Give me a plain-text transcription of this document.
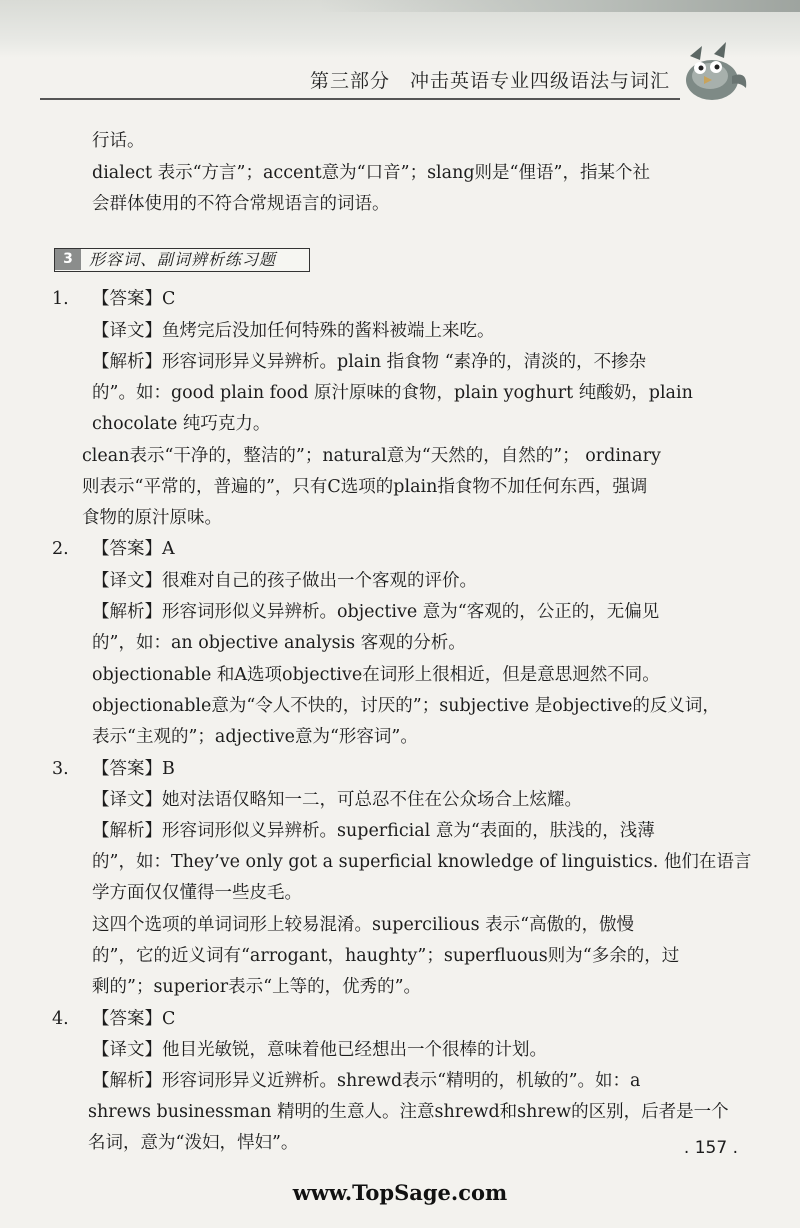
第三部分　冲击英语专业四级语法与词汇
行话。
dialect 表示“方言”；accent意为“口音”；slang则是“俚语”，指某个社
会群体使用的不符合常规语言的词语。
3	形容词、副词辨析练习题
1. 【答案】C
【译文】鱼烤完后没加任何特殊的酱料被端上来吃。
【解析】形容词形异义异辨析。plain 指食物 “素净的，清淡的，不掺杂
的”。如：good plain food 原汁原味的食物，plain yoghurt 纯酸奶，plain
chocolate 纯巧克力。
clean表示“干净的，整洁的”；natural意为“天然的，自然的”； ordinary
则表示“平常的，普遍的”，只有C选项的plain指食物不加任何东西，强调
食物的原汁原味。
2. 【答案】A
【译文】很难对自己的孩子做出一个客观的评价。
【解析】形容词形似义异辨析。objective 意为“客观的，公正的，无偏见
的”，如：an objective analysis 客观的分析。
objectionable 和A选项objective在词形上很相近，但是意思迥然不同。
objectionable意为“令人不快的，讨厌的”；subjective 是objective的反义词，
表示“主观的”；adjective意为“形容词”。
3. 【答案】B
【译文】她对法语仅略知一二，可总忍不住在公众场合上炫耀。
【解析】形容词形似义异辨析。superficial 意为“表面的，肤浅的，浅薄
的”，如：They’ve only got a superficial knowledge of linguistics. 他们在语言
学方面仅仅懂得一些皮毛。
这四个选项的单词词形上较易混淆。supercilious 表示“高傲的，傲慢
的”，它的近义词有“arrogant，haughty”；superfluous则为“多余的，过
剩的”；superior表示“上等的，优秀的”。
4. 【答案】C
【译文】他目光敏锐，意味着他已经想出一个很棒的计划。
【解析】形容词形异义近辨析。shrewd表示“精明的，机敏的”。如：a
shrews businessman 精明的生意人。注意shrewd和shrew的区别，后者是一个
名词，意为“泼妇，悍妇”。	. 157 .
www.TopSage.com
